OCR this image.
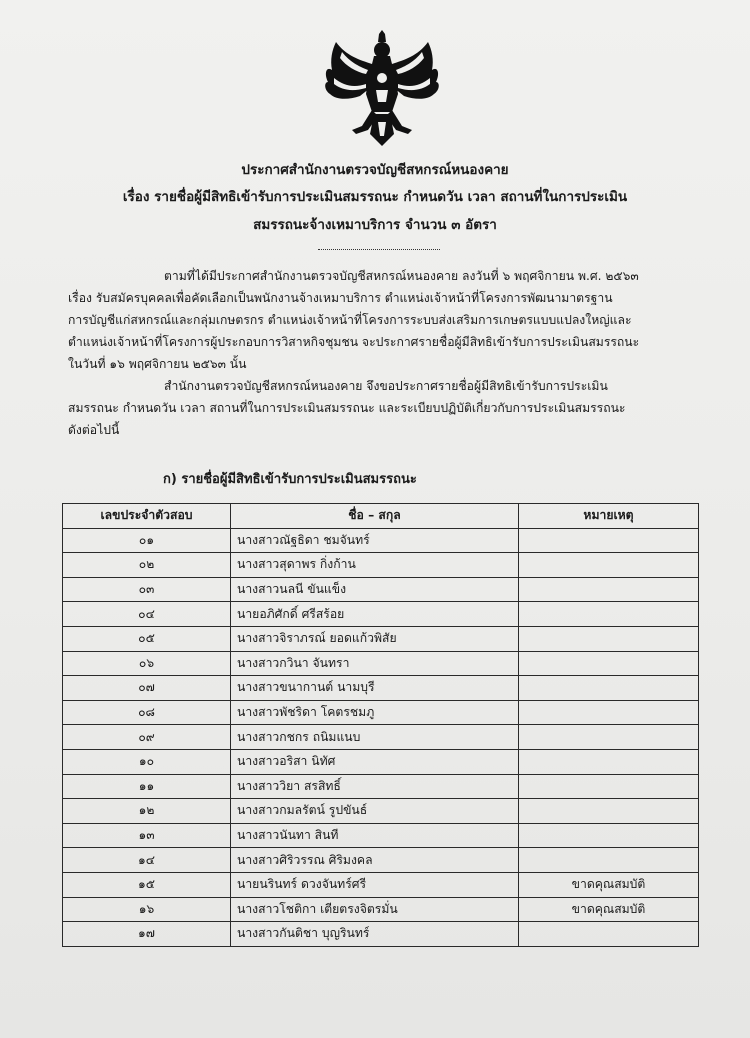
ประกาศสำนักงานตรวจบัญชีสหกรณ์หนองคาย
เรื่อง รายชื่อผู้มีสิทธิเข้ารับการประเมินสมรรถนะ กำหนดวัน เวลา สถานที่ในการประเมิน
สมรรถนะจ้างเหมาบริการ จำนวน ๓ อัตรา
ตามที่ได้มีประกาศสำนักงานตรวจบัญชีสหกรณ์หนองคาย ลงวันที่ ๖ พฤศจิกายน พ.ศ. ๒๕๖๓
เรื่อง รับสมัครบุคคลเพื่อคัดเลือกเป็นพนักงานจ้างเหมาบริการ ตำแหน่งเจ้าหน้าที่โครงการพัฒนามาตรฐาน
การบัญชีแก่สหกรณ์และกลุ่มเกษตรกร ตำแหน่งเจ้าหน้าที่โครงการระบบส่งเสริมการเกษตรแบบแปลงใหญ่และ
ตำแหน่งเจ้าหน้าที่โครงการผู้ประกอบการวิสาหกิจชุมชน จะประกาศรายชื่อผู้มีสิทธิเข้ารับการประเมินสมรรถนะ
ในวันที่ ๑๖ พฤศจิกายน ๒๕๖๓ นั้น
สำนักงานตรวจบัญชีสหกรณ์หนองคาย จึงขอประกาศรายชื่อผู้มีสิทธิเข้ารับการประเมิน
สมรรถนะ กำหนดวัน เวลา สถานที่ในการประเมินสมรรถนะ และระเบียบปฏิบัติเกี่ยวกับการประเมินสมรรถนะ
ดังต่อไปนี้
ก) รายชื่อผู้มีสิทธิเข้ารับการประเมินสมรรถนะ
เลขประจำตัวสอบ	ชื่อ – สกุล	หมายเหตุ
๐๑	นางสาวณัฐธิดา ชมจันทร์	
๐๒	นางสาวสุดาพร กิ่งก้าน	
๐๓	นางสาวนลนี ขันแข็ง	
๐๔	นายอภิศักดิ์ ศรีสร้อย	
๐๕	นางสาวจิราภรณ์ ยอดแก้วพิสัย	
๐๖	นางสาวกวินา จันทรา	
๐๗	นางสาวขนากานต์ นามบุรี	
๐๘	นางสาวพัชริดา โคตรชมภู	
๐๙	นางสาวกชกร ถนิมแนบ	
๑๐	นางสาวอริสา นิทัศ	
๑๑	นางสาววิยา สรสิทธิ์	
๑๒	นางสาวกมลรัตน์ รูปขันธ์	
๑๓	นางสาวนันทา สินที	
๑๔	นางสาวศิริวรรณ ศิริมงคล	
๑๕	นายนรินทร์ ดวงจันทร์ศรี	ขาดคุณสมบัติ
๑๖	นางสาวโชติกา เตียตรงจิตรมั่น	ขาดคุณสมบัติ
๑๗	นางสาวกันติชา บุญรินทร์	
